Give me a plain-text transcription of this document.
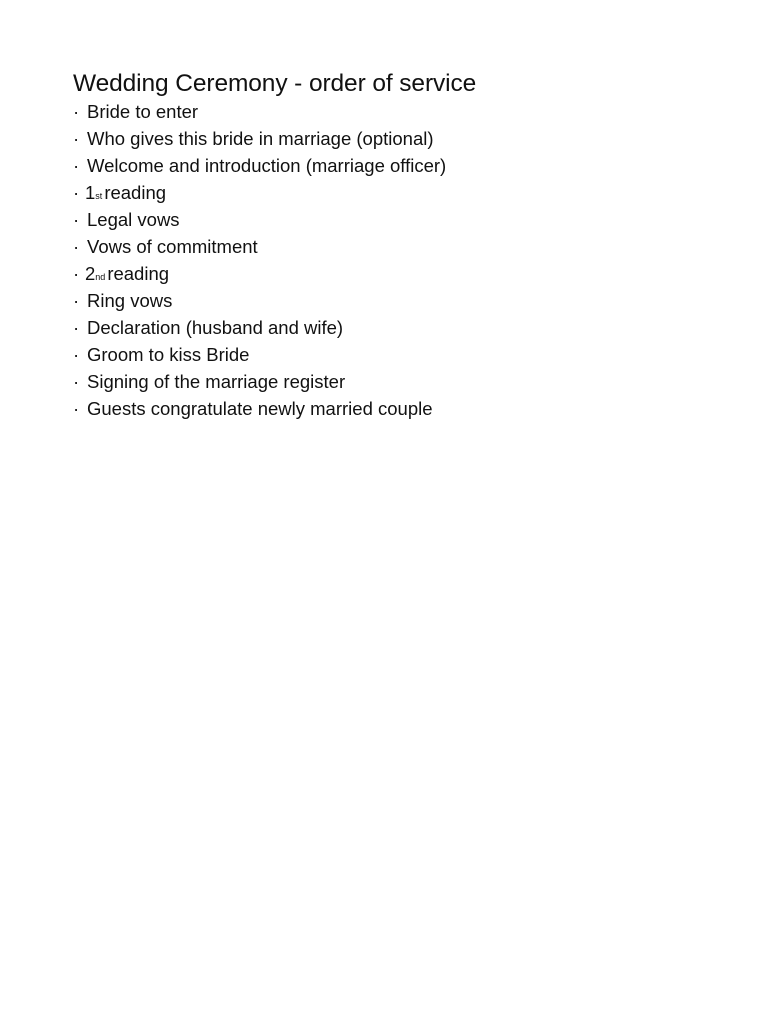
Wedding Ceremony - order of service
· Bride to enter
· Who gives this bride in marriage (optional)
· Welcome and introduction (marriage officer)
· 1st reading
· Legal vows
· Vows of commitment
· 2nd reading
· Ring vows
· Declaration (husband and wife)
· Groom to kiss Bride
· Signing of the marriage register
· Guests congratulate newly married couple
